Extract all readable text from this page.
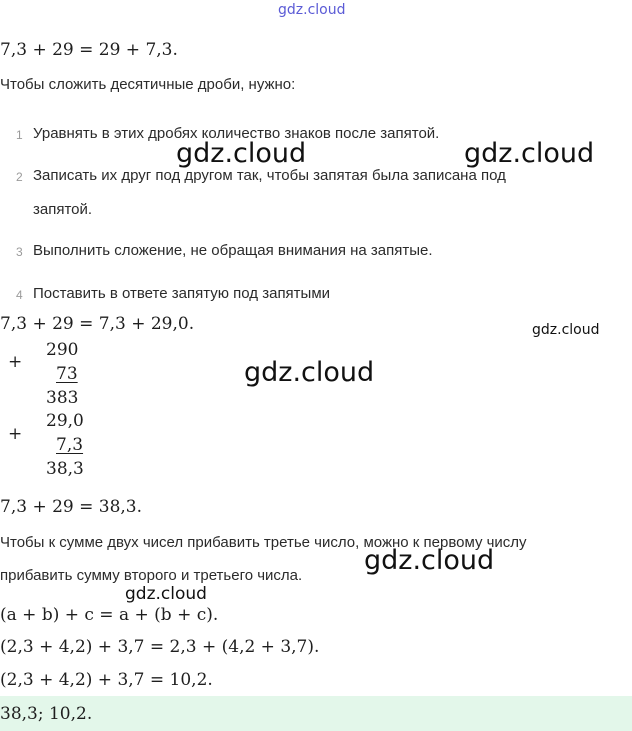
gdz.cloud
7,3 + 29 = 29 + 7,3.
Чтобы сложить десятичные дроби, нужно:
1 Уравнять в этих дробях количество знаков после запятой.
2 Записать их друг под другом так, чтобы запятая была записана под
запятой.
3 Выполнить сложение, не обращая внимания на запятые.
4 Поставить в ответе запятую под запятыми
7,3 + 29 = 7,3 + 29,0.
+
290
73
383
+
29,0
7,3
38,3
7,3 + 29 = 38,3.
Чтобы к сумме двух чисел прибавить третье число, можно к первому числу
прибавить сумму второго и третьего числа.
(a + b) + c = a + (b + c).
(2,3 + 4,2) + 3,7 = 2,3 + (4,2 + 3,7).
(2,3 + 4,2) + 3,7 = 10,2.
38,3; 10,2.
gdz.cloud	gdz.cloud
gdz.cloud
gdz.cloud
gdz.cloud
gdz.cloud
